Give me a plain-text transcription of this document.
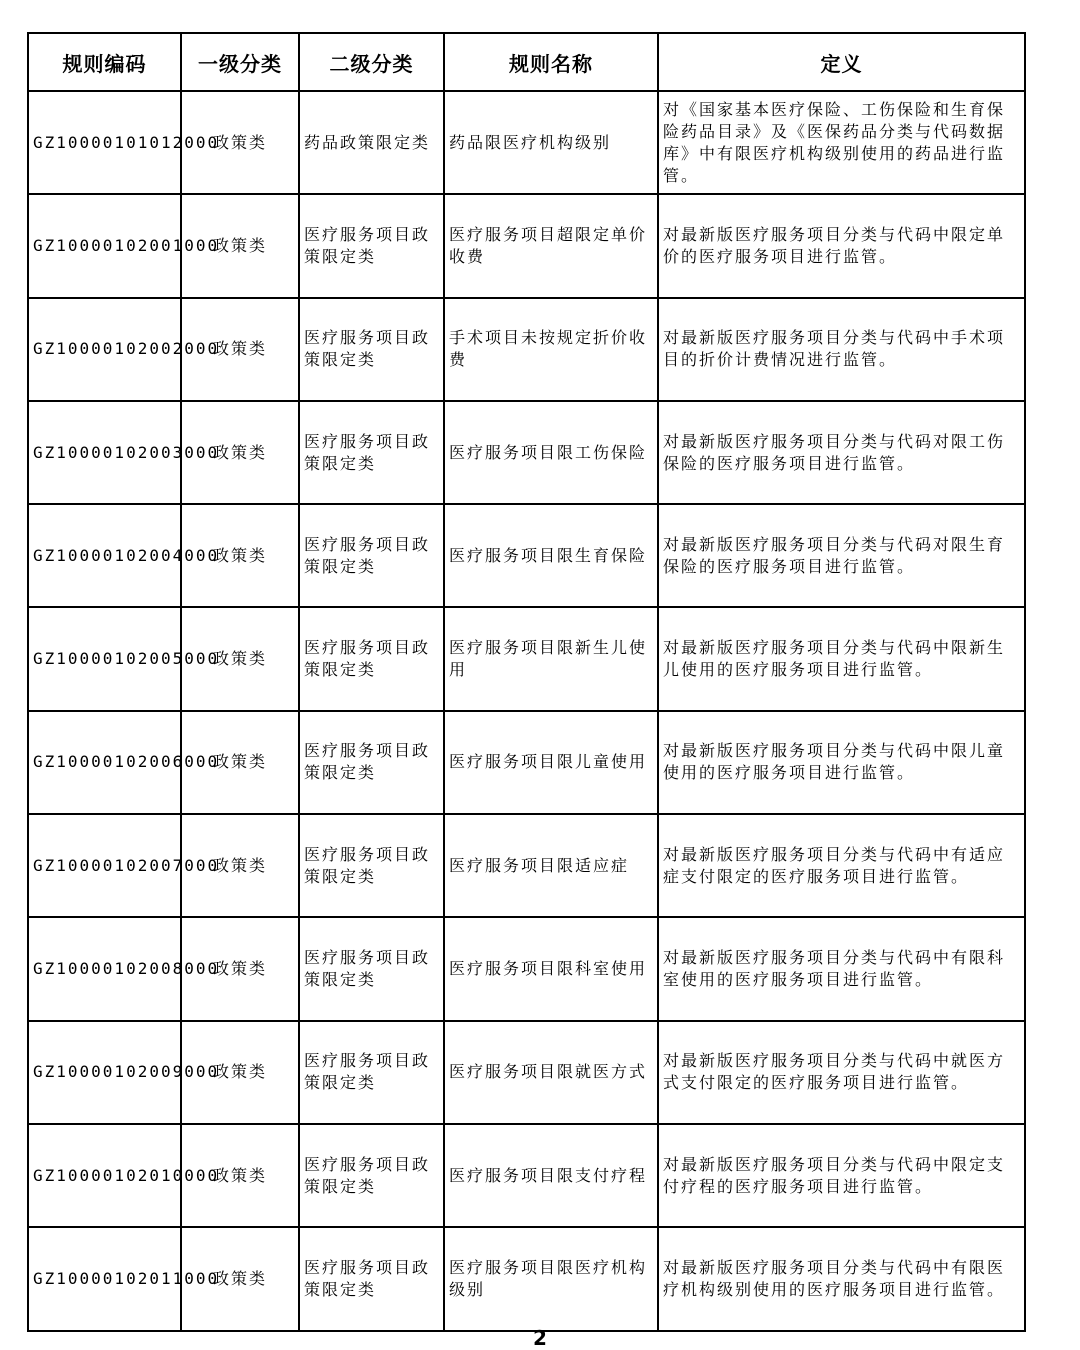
规则编码	一级分类	二级分类	规则名称	定义
GZ10000101012000	政策类	药品政策限定类	药品限医疗机构级别	对《国家基本医疗保险、工伤保险和生育保险药品目录》及《医保药品分类与代码数据库》中有限医疗机构级别使用的药品进行监管。
GZ10000102001000	政策类	医疗服务项目政策限定类	医疗服务项目超限定单价收费	对最新版医疗服务项目分类与代码中限定单价的医疗服务项目进行监管。
GZ10000102002000	政策类	医疗服务项目政策限定类	手术项目未按规定折价收费	对最新版医疗服务项目分类与代码中手术项目的折价计费情况进行监管。
GZ10000102003000	政策类	医疗服务项目政策限定类	医疗服务项目限工伤保险	对最新版医疗服务项目分类与代码对限工伤保险的医疗服务项目进行监管。
GZ10000102004000	政策类	医疗服务项目政策限定类	医疗服务项目限生育保险	对最新版医疗服务项目分类与代码对限生育保险的医疗服务项目进行监管。
GZ10000102005000	政策类	医疗服务项目政策限定类	医疗服务项目限新生儿使用	对最新版医疗服务项目分类与代码中限新生儿使用的医疗服务项目进行监管。
GZ10000102006000	政策类	医疗服务项目政策限定类	医疗服务项目限儿童使用	对最新版医疗服务项目分类与代码中限儿童使用的医疗服务项目进行监管。
GZ10000102007000	政策类	医疗服务项目政策限定类	医疗服务项目限适应症	对最新版医疗服务项目分类与代码中有适应症支付限定的医疗服务项目进行监管。
GZ10000102008000	政策类	医疗服务项目政策限定类	医疗服务项目限科室使用	对最新版医疗服务项目分类与代码中有限科室使用的医疗服务项目进行监管。
GZ10000102009000	政策类	医疗服务项目政策限定类	医疗服务项目限就医方式	对最新版医疗服务项目分类与代码中就医方式支付限定的医疗服务项目进行监管。
GZ10000102010000	政策类	医疗服务项目政策限定类	医疗服务项目限支付疗程	对最新版医疗服务项目分类与代码中限定支付疗程的医疗服务项目进行监管。
GZ10000102011000	政策类	医疗服务项目政策限定类	医疗服务项目限医疗机构级别	对最新版医疗服务项目分类与代码中有限医疗机构级别使用的医疗服务项目进行监管。
2
